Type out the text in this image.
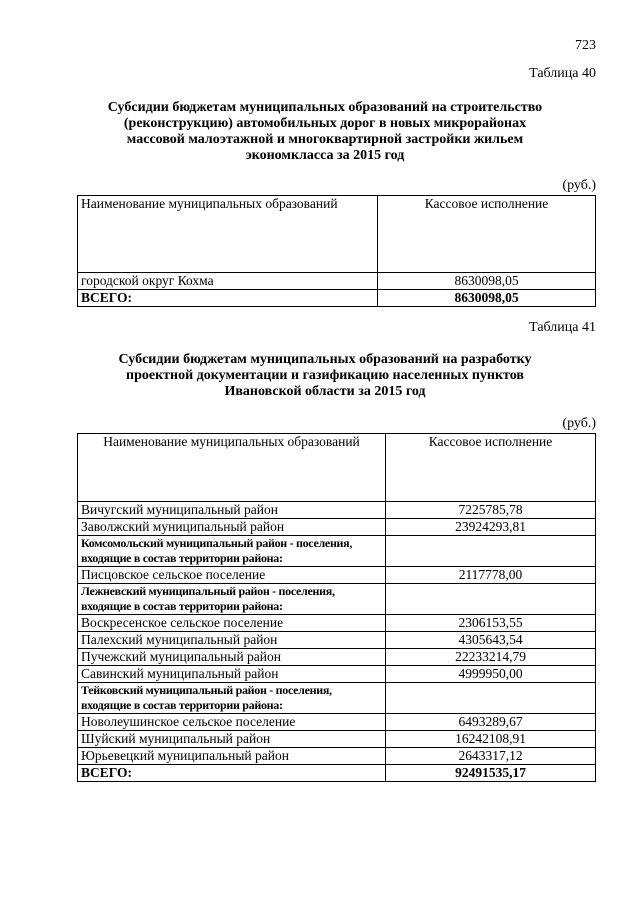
723
Таблица 40
Субсидии бюджетам муниципальных образований на строительство
(реконструкцию) автомобильных дорог в новых микрорайонах
массовой малоэтажной и многоквартирной застройки жильем
экономкласса за 2015 год
(руб.)
Наименование муниципальных образований	Кассовое исполнение
городской округ Кохма	8630098,05
ВСЕГО:	8630098,05
Таблица 41
Субсидии бюджетам муниципальных образований на разработку
проектной документации и газификацию населенных пунктов
Ивановской области за 2015 год
(руб.)
Наименование муниципальных образований	Кассовое исполнение
Вичугский муниципальный район	7225785,78
Заволжский муниципальный район	23924293,81
Комсомольский муниципальный район - поселения, входящие в состав территории района:	
Писцовское сельское поселение	2117778,00
Лежневский муниципальный район - поселения, входящие в состав территории района:	
Воскресенское сельское поселение	2306153,55
Палехский муниципальный район	4305643,54
Пучежский муниципальный район	22233214,79
Савинский муниципальный район	4999950,00
Тейковский муниципальный район - поселения, входящие в состав территории района:	
Новолеушинское сельское поселение	6493289,67
Шуйский муниципальный район	16242108,91
Юрьевецкий муниципальный район	2643317,12
ВСЕГО:	92491535,17
